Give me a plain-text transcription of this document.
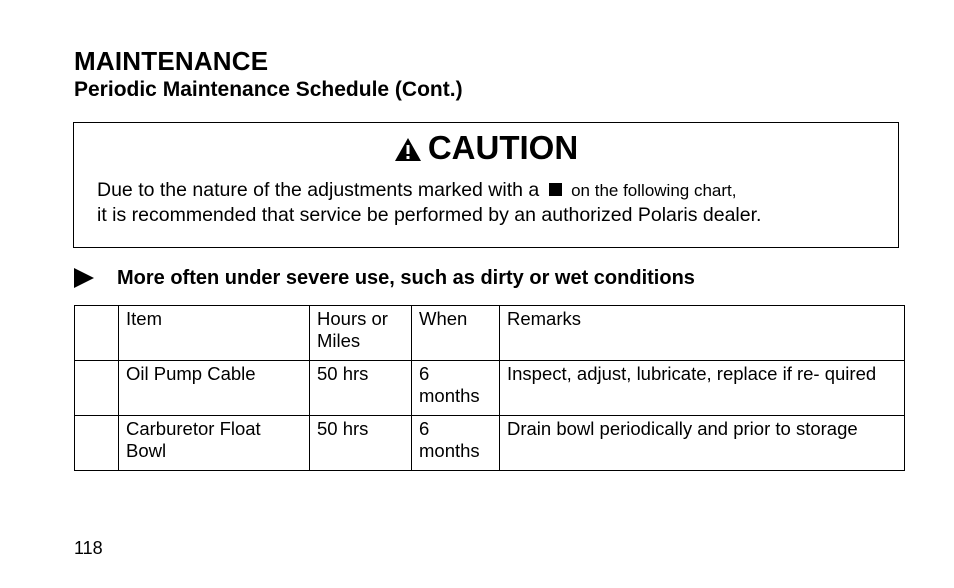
MAINTENANCE
Periodic Maintenance Schedule (Cont.)
CAUTION
Due to the nature of the adjustments marked with a on the following chart,
it is recommended that service be performed by an authorized Polaris dealer.
More often under severe use, such as dirty or wet conditions
	Item	Hours or Miles	When	Remarks
	Oil Pump Cable	50 hrs	6 months	Inspect, adjust, lubricate, replace if re- quired
	Carburetor Float Bowl	50 hrs	6 months	Drain bowl periodically and prior to storage
118
